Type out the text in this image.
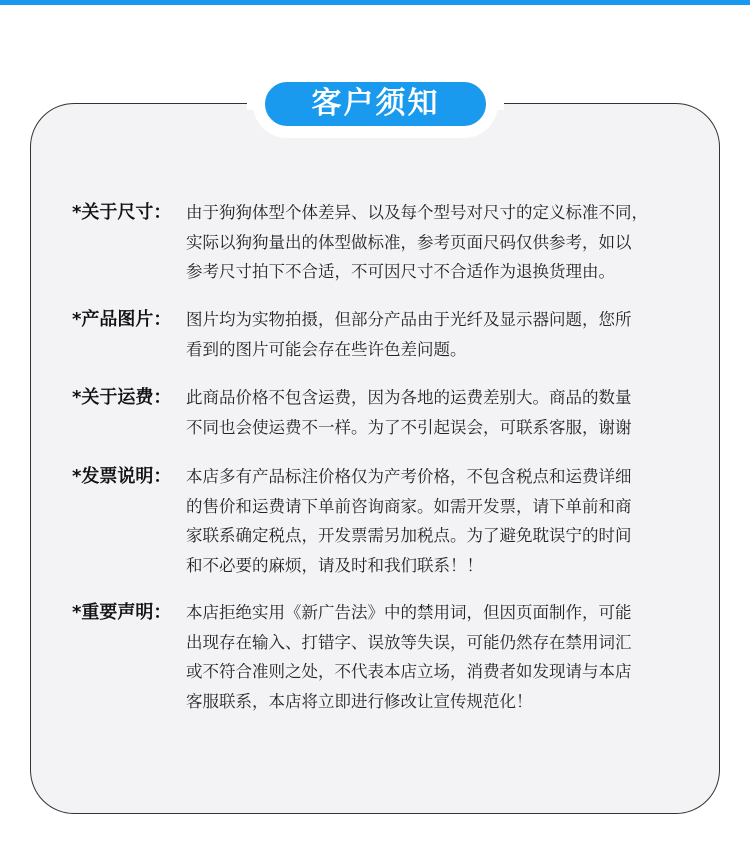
客户须知
*关于尺寸： 由于狗狗体型个体差异、以及每个型号对尺寸的定义标准不同，
实际以狗狗量出的体型做标准，参考页面尺码仅供参考，如以
参考尺寸拍下不合适，不可因尺寸不合适作为退换货理由。
*产品图片： 图片均为实物拍摄，但部分产品由于光纤及显示器问题，您所
看到的图片可能会存在些许色差问题。
*关于运费： 此商品价格不包含运费，因为各地的运费差别大。商品的数量
不同也会使运费不一样。为了不引起误会，可联系客服，谢谢
*发票说明： 本店多有产品标注价格仅为产考价格，不包含税点和运费详细
的售价和运费请下单前咨询商家。如需开发票，请下单前和商
家联系确定税点，开发票需另加税点。为了避免耽误宁的时间
和不必要的麻烦，请及时和我们联系！！
*重要声明： 本店拒绝实用《新广告法》中的禁用词，但因页面制作，可能
出现存在输入、打错字、误放等失误，可能仍然存在禁用词汇
或不符合准则之处，不代表本店立场，消费者如发现请与本店
客服联系，本店将立即进行修改让宣传规范化！
